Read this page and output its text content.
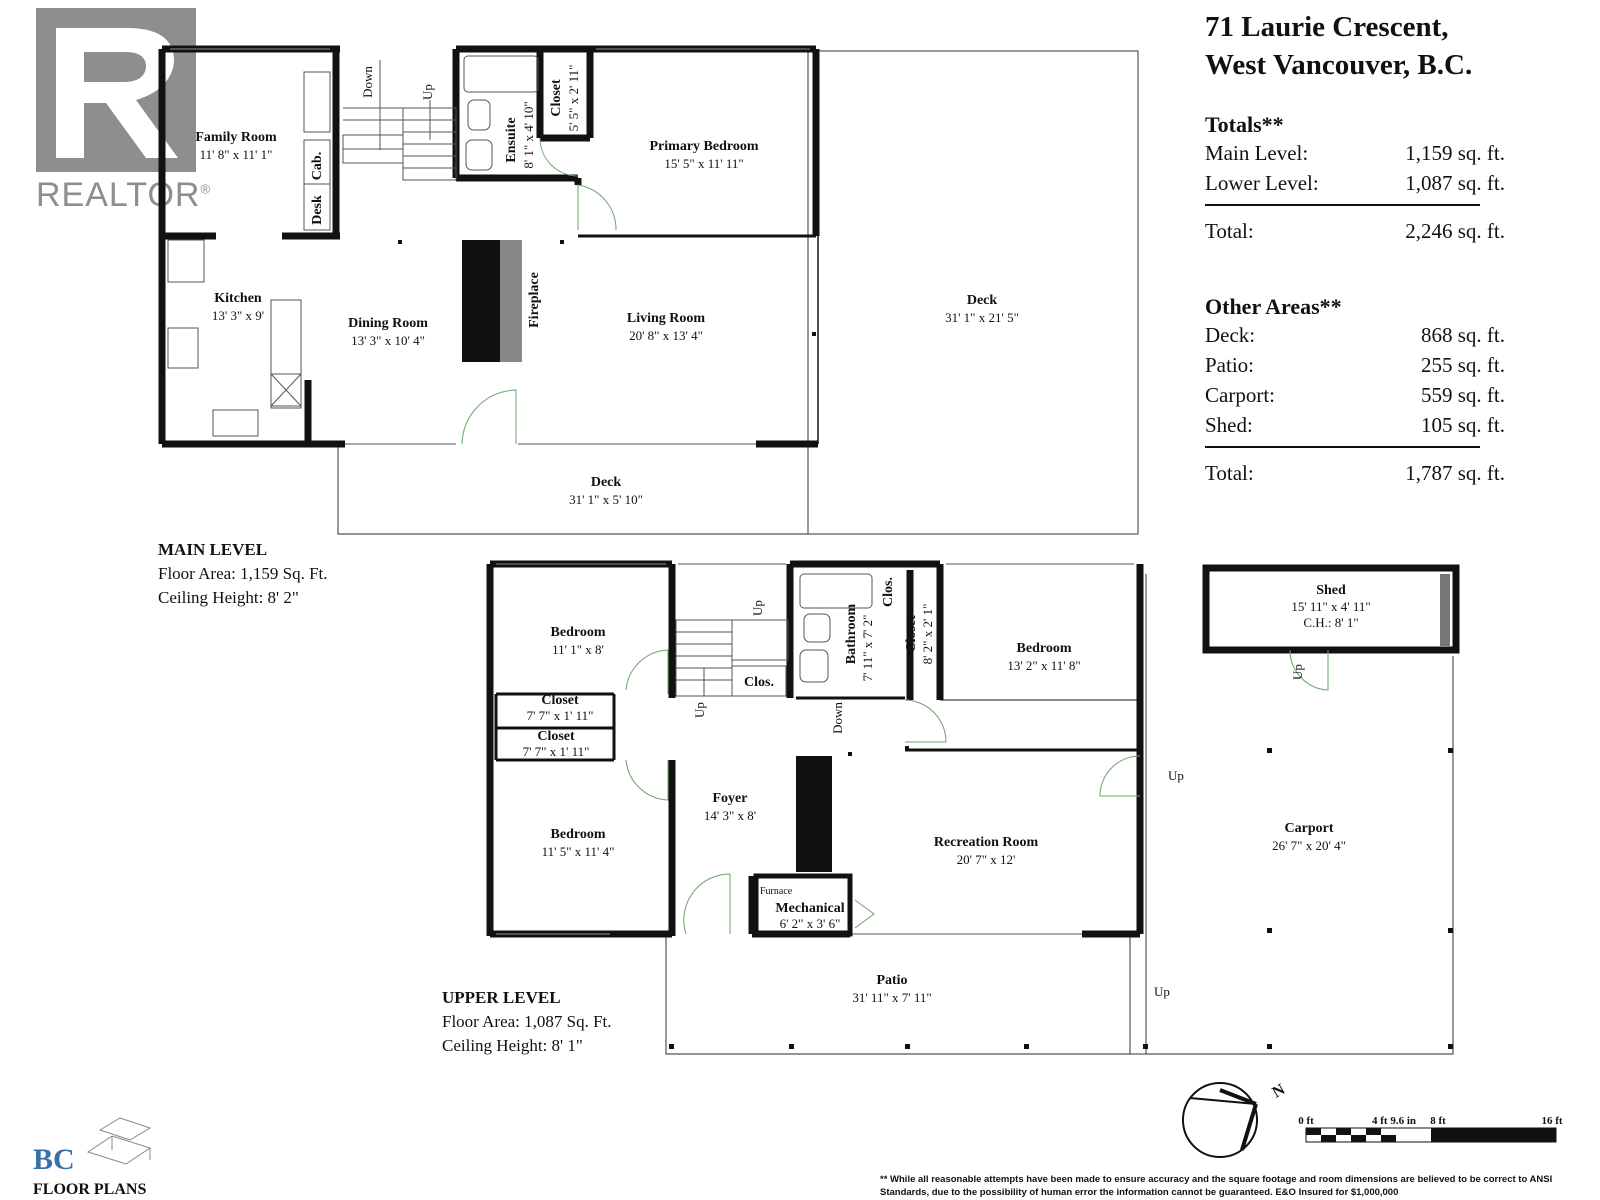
REALTOR®
Family Room
11' 8" x 11' 1"	Cab.
Desk
Kitchen
13' 3" x 9'
Dining Room
13' 3" x 10' 4"
Fireplace	Living Room
20' 8" x 13' 4"
Primary Bedroom
15' 5" x 11' 11"
Ensuite 8' 1" x 4' 10"
Closet 5' 5" x 2' 11"
Deck
31' 1" x 21' 5"
Deck
31' 1" x 5' 10"
Down	Up
Bedroom
11' 1" x 8'
Closet
7' 7" x 1' 11"
Closet
7' 7" x 1' 11"
Bedroom
11' 5" x 11' 4"
Foyer
14' 3" x 8'
Clos.
Bathroom 7' 11" x 7' 2"
Clos.
Closet 8' 2" x 2' 1"	Bedroom
13' 2" x 11' 8"
Recreation Room
20' 7" x 12'
Furnace
Mechanical
6' 2" x 3' 6"
Patio
31' 11" x 7' 11"
Shed
15' 11" x 4' 11"
C.H.: 8' 1"
Carport
26' 7" x 20' 4"
Up
Up	Down
Up
Up
Up
N
0 ft	4 ft 9.6 in 8 ft	16 ft
71 Laurie Crescent,
West Vancouver, B.C.
Totals**
Main Level:	1,159 sq. ft.
Lower Level:	1,087 sq. ft.
Total:	2,246 sq. ft.
Other Areas**
Deck:	868 sq. ft.
Patio:	255 sq. ft.
Carport:	559 sq. ft.
Shed:	105 sq. ft.
Total:	1,787 sq. ft.
MAIN LEVEL
Floor Area: 1,159 Sq. Ft.
Ceiling Height: 8' 2"
UPPER LEVEL
Floor Area: 1,087 Sq. Ft.
Ceiling Height: 8' 1"
BC
FLOOR PLANS
** While all reasonable attempts have been made to ensure accuracy and the square footage and room dimensions are believed to be correct to ANSI Standards, due to the possibility of human error the information cannot be guaranteed. E&O Insured for $1,000,000
